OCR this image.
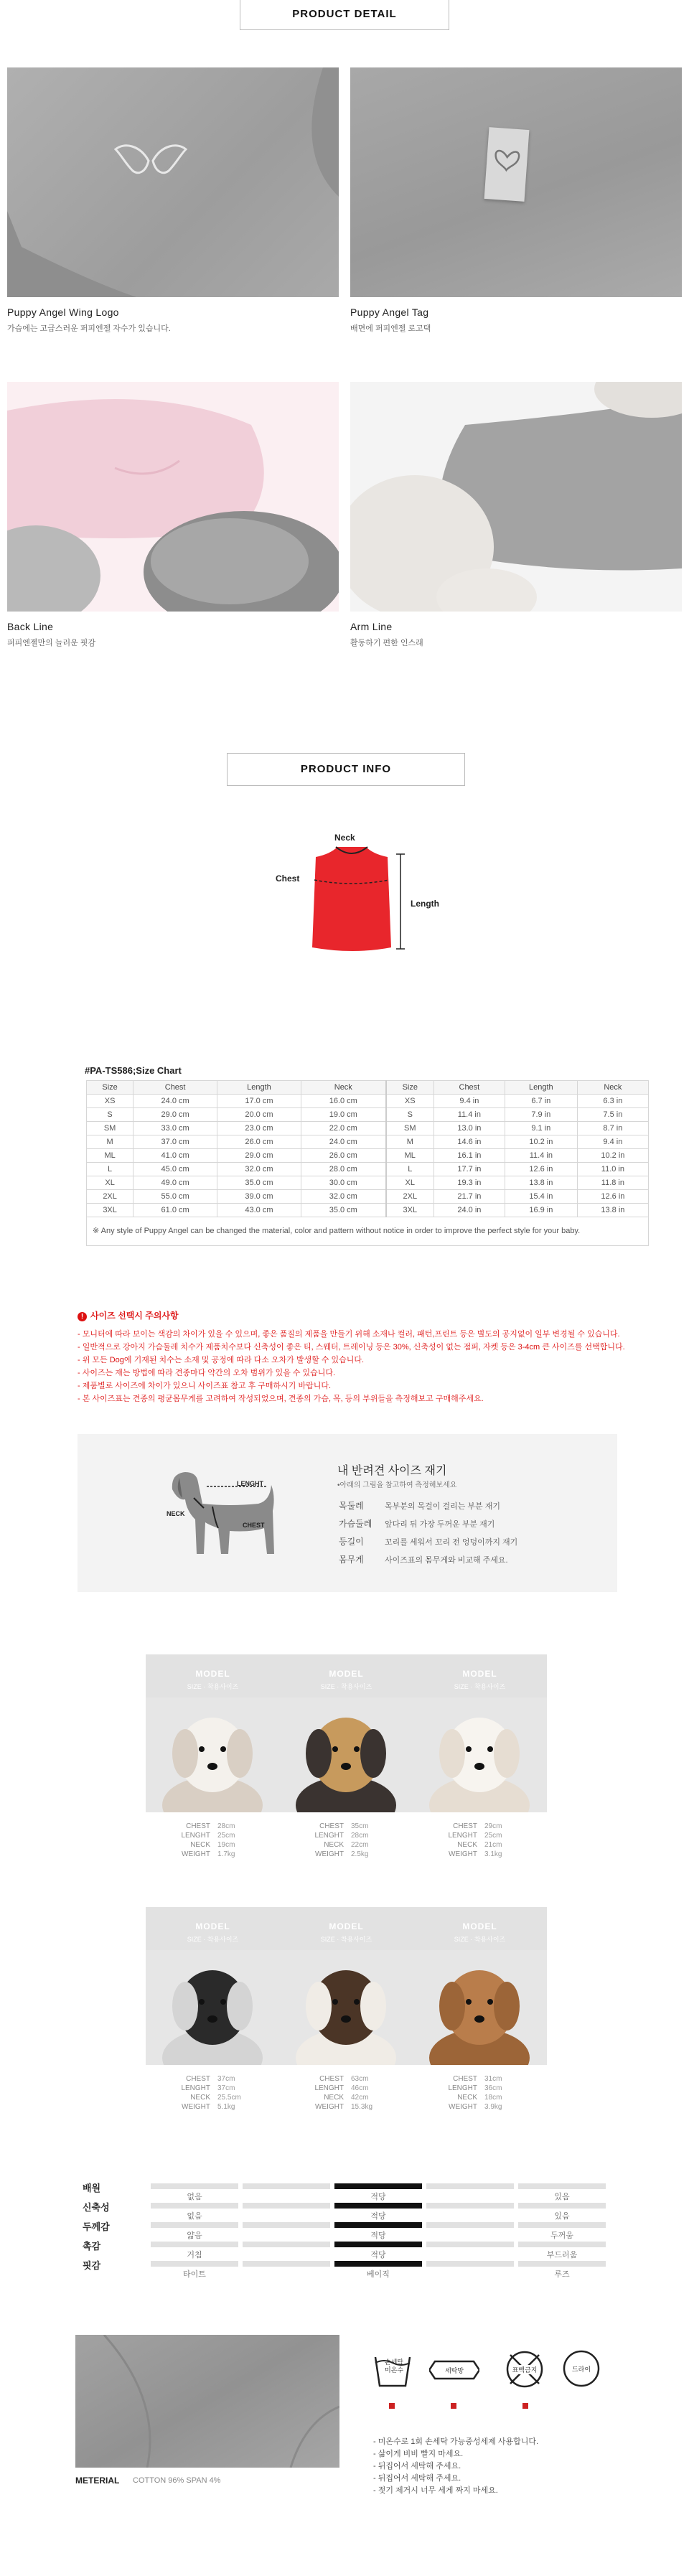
PRODUCT DETAIL
Puppy Angel Wing Logo
가슴에는 고급스러운 퍼피엔젤 자수가 있습니다.
Puppy Angel Tag
배면에 퍼피엔젤 로고택
Back Line
퍼피엔젤만의 늘러운 핏감
Arm Line
활동하기 편한 인스래
PRODUCT INFO
Neck
Chest
Length
#PA-TS586;Size Chart
Size	Chest	Length	Neck	Size	Chest	Length	Neck
XS	24.0 cm	17.0 cm	16.0 cm	XS	9.4 in	6.7 in	6.3 in
S	29.0 cm	20.0 cm	19.0 cm	S	11.4 in	7.9 in	7.5 in
SM	33.0 cm	23.0 cm	22.0 cm	SM	13.0 in	9.1 in	8.7 in
M	37.0 cm	26.0 cm	24.0 cm	M	14.6 in	10.2 in	9.4 in
ML	41.0 cm	29.0 cm	26.0 cm	ML	16.1 in	11.4 in	10.2 in
L	45.0 cm	32.0 cm	28.0 cm	L	17.7 in	12.6 in	11.0 in
XL	49.0 cm	35.0 cm	30.0 cm	XL	19.3 in	13.8 in	11.8 in
2XL	55.0 cm	39.0 cm	32.0 cm	2XL	21.7 in	15.4 in	12.6 in
3XL	61.0 cm	43.0 cm	35.0 cm	3XL	24.0 in	16.9 in	13.8 in
※ Any style of Puppy Angel can be changed the material, color and pattern without notice in order to improve the perfect style for your baby.							
! 사이즈 선택시 주의사항
- 모니터에 따라 보이는 색감의 차이가 있을 수 있으며, 좋은 품질의 제품을 만들기 위해 소재나 컬러, 패턴,프린트 등은 별도의 공지없이 일부 변경될 수 있습니다.
- 일반적으로 강아지 가슴둘레 치수가 제품치수보다 신축성이 좋은 티, 스웨터, 트레이닝 등은 30%, 신축성이 없는 점퍼, 자켓 등은 3-4cm 큰 사이즈를 선택합니다.
- 위 모든 Dog에 기재된 치수는 소재 및 공정에 따라 다소 오차가 발생할 수 있습니다.
- 사이즈는 재는 방법에 따라 견종마다 약간의 오차 범위가 있을 수 있습니다.
- 제품별로 사이즈에 차이가 있으니 사이즈표 참고 후 구매하시기 바랍니다.
- 본 사이즈표는 견종의 평균몸무게를 고려하여 작성되었으며, 견종의 가슴, 목, 등의 부위들을 측정해보고 구매해주세요.
LENGHT
NECK
CHEST
내 반려견 사이즈 재기
•아래의 그림을 참고하여 측정해보세요
목둘레	목부분의 목걸이 걸리는 부분 재기
가슴둘레 앞다리 뒤 가장 두꺼운 부분 재기
등길이	꼬리를 세워서 꼬리 전 엉덩이까지 재기
몸무게	사이즈표의 몸무게와 비교해 주세요.
MODEL
SIZE · 착용사이즈
CHEST 28cm
LENGHT 25cm
NECK 19cm
WEIGHT 1.7kg
MODEL
SIZE · 착용사이즈
CHEST 35cm
LENGHT 28cm
NECK 22cm
WEIGHT 2.5kg
MODEL
SIZE · 착용사이즈
CHEST 29cm
LENGHT 25cm
NECK 21cm
WEIGHT 3.1kg
MODEL
SIZE · 착용사이즈
CHEST 37cm
LENGHT 37cm
NECK 25.5cm
WEIGHT 5.1kg
MODEL
SIZE · 착용사이즈
CHEST 63cm
LENGHT 46cm
NECK 42cm
WEIGHT 15.3kg
MODEL
SIZE · 착용사이즈
CHEST 31cm
LENGHT 36cm
NECK 18cm
WEIGHT 3.9kg
배원
없음	적당	있음
신축성
없음	적당	있음
두께감
얇음	적당	두꺼움
촉감
거침	적당	부드러움
핏감
타이트	베이직	루즈
METERIAL COTTON 96% SPAN 4%
손세탁 미온수	세탁망	표백금지	드라이
- 미온수로 1회 손세탁 가능중성세제 사용합니다.
- 삶이게 비비 빨지 마세요.
- 뒤집어서 세탁해 주세요.
- 뒤집어서 세탁해 주세요.
- 젖기 제거시 너무 세게 짜지 마세요.
